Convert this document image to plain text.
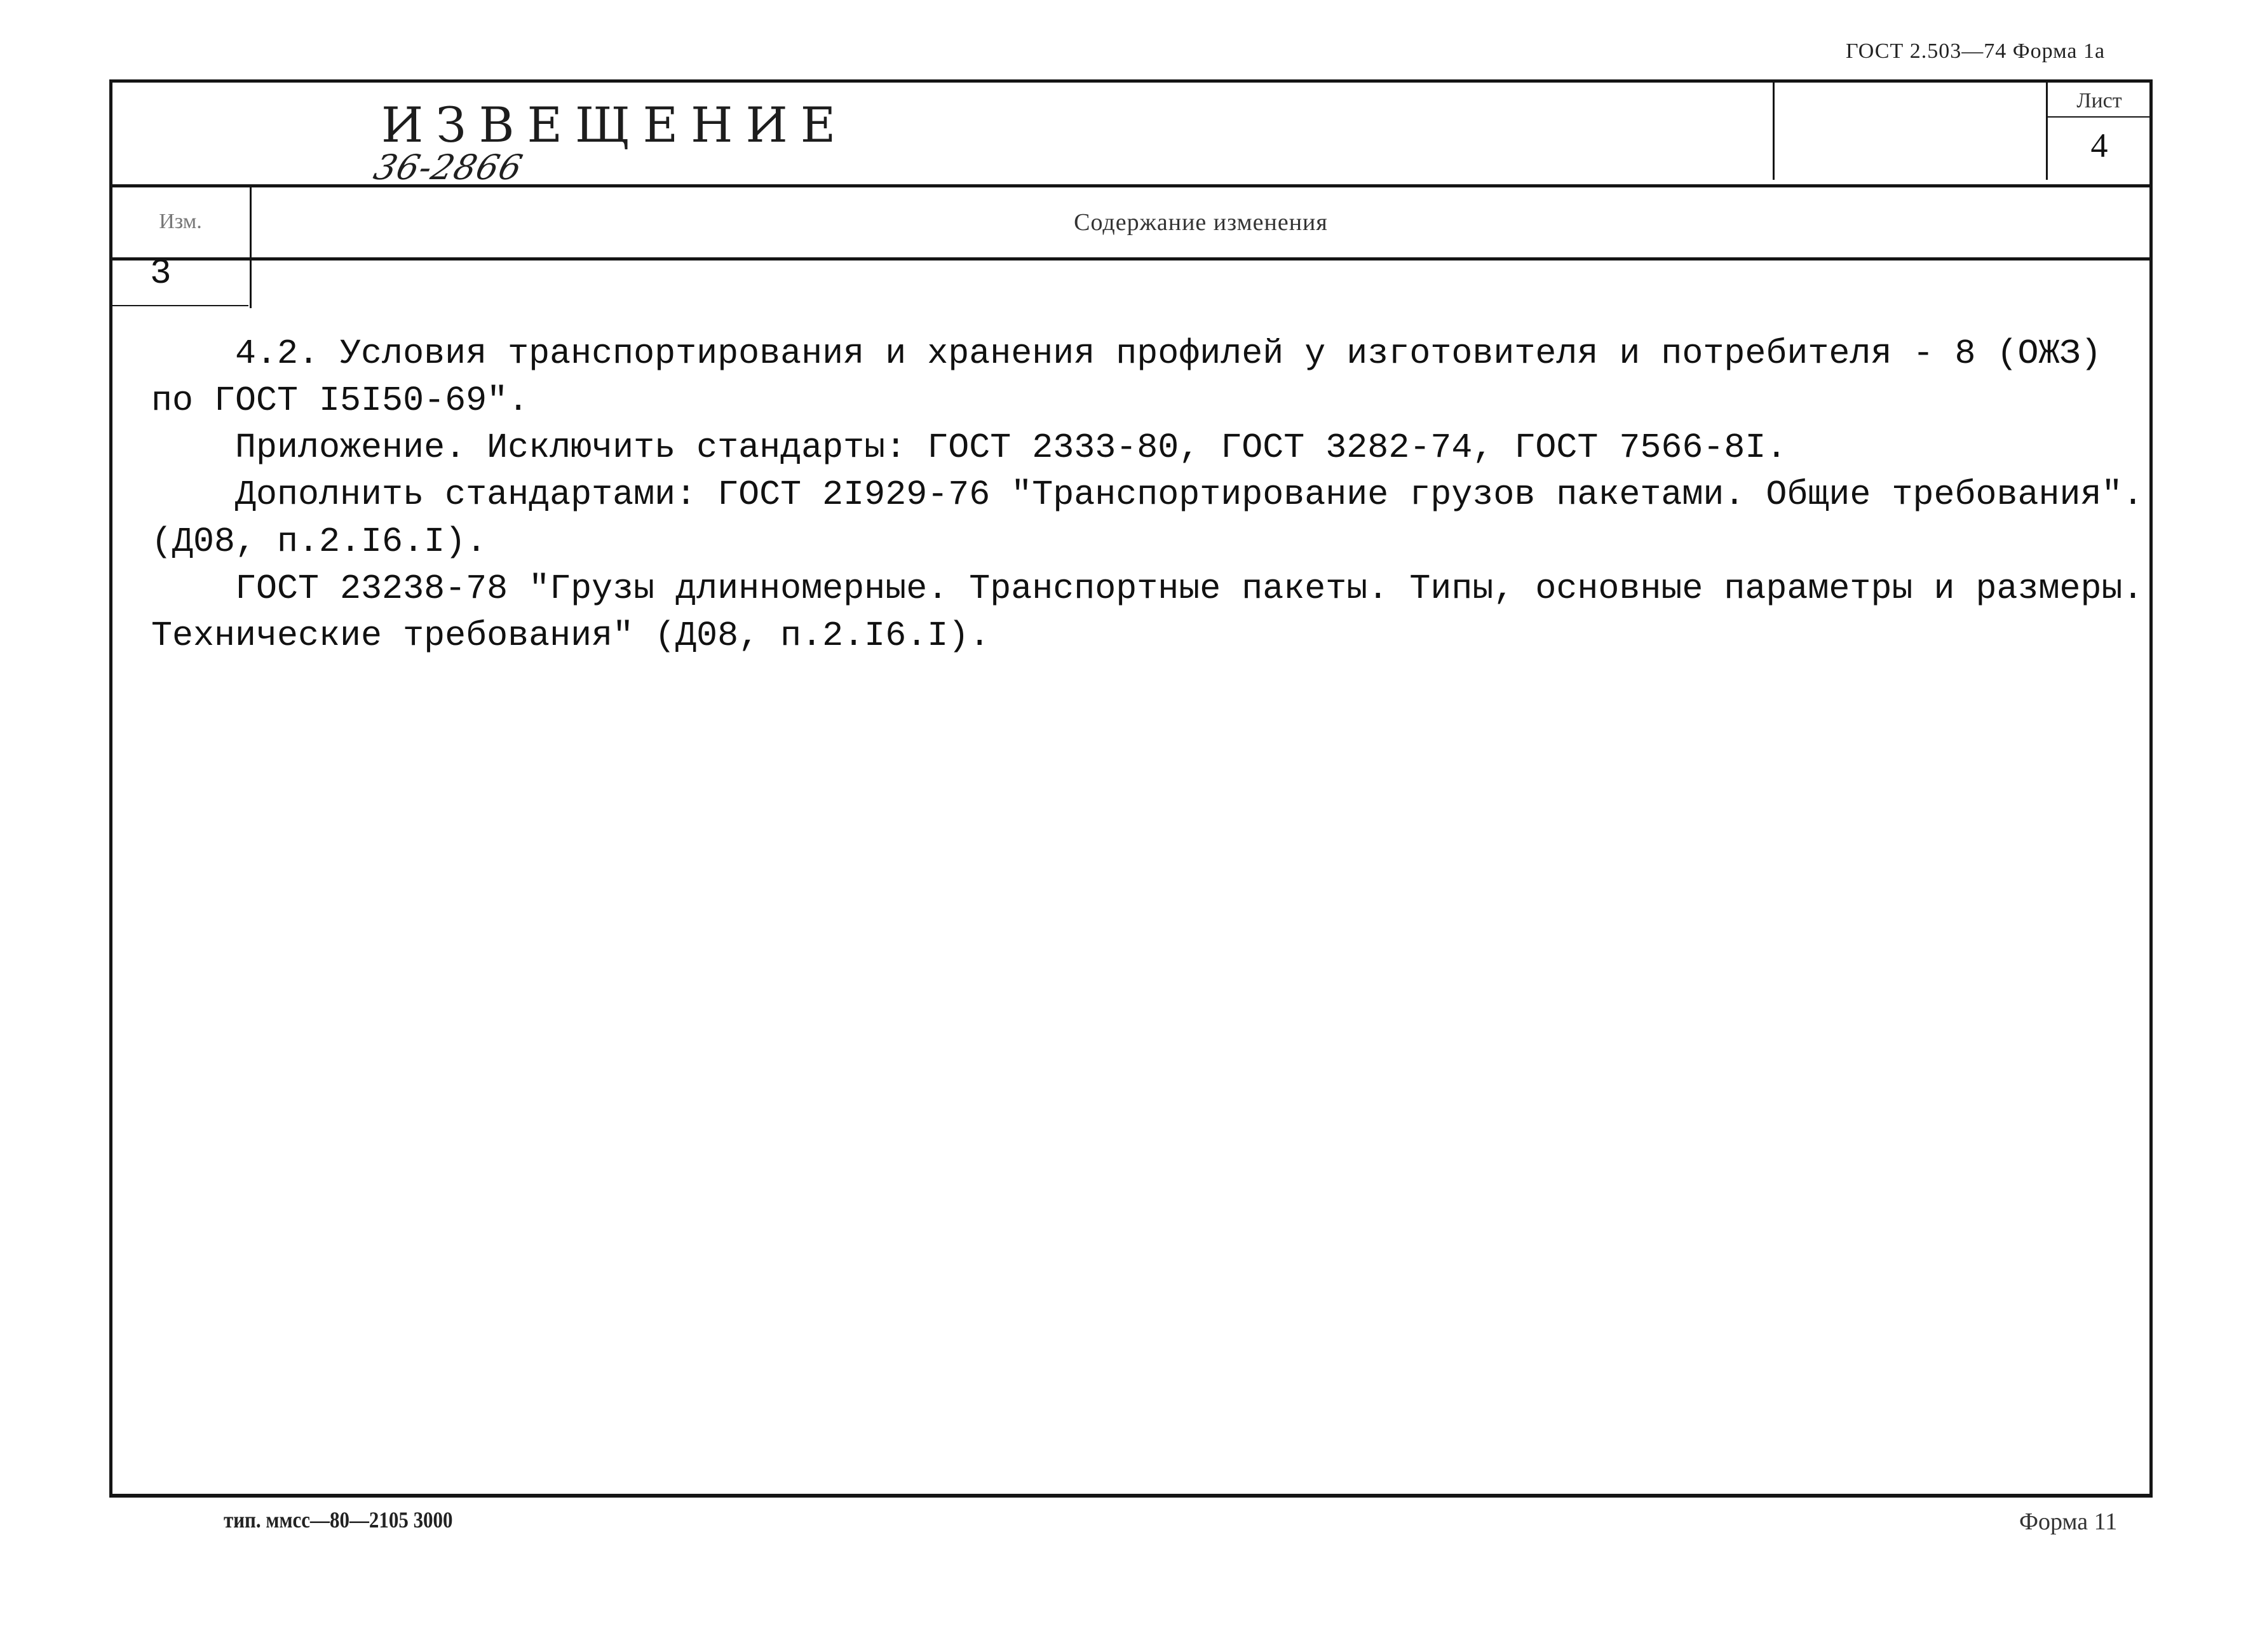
ГОСТ 2.503—74 Форма 1а
ИЗВЕЩЕНИЕ
36-2866
Лист
4
Изм.	Содержание изменения
3

4.2. Условия транспортирования и хранения профилей у изготовителя и потребителя - 8 (ОЖЗ)

по ГОСТ I5I50-69".

Приложение. Исключить стандарты: ГОСТ 2333-80, ГОСТ 3282-74, ГОСТ 7566-8I.

Дополнить стандартами: ГОСТ 2I929-76 "Транспортирование грузов пакетами. Общие требования".

(Д08, п.2.I6.I).

ГОСТ 23238-78 "Грузы длинномерные. Транспортные пакеты. Типы, основные параметры и размеры.

Технические требования" (Д08, п.2.I6.I).

тип. ммсс—80—2105 3000	Форма 11
